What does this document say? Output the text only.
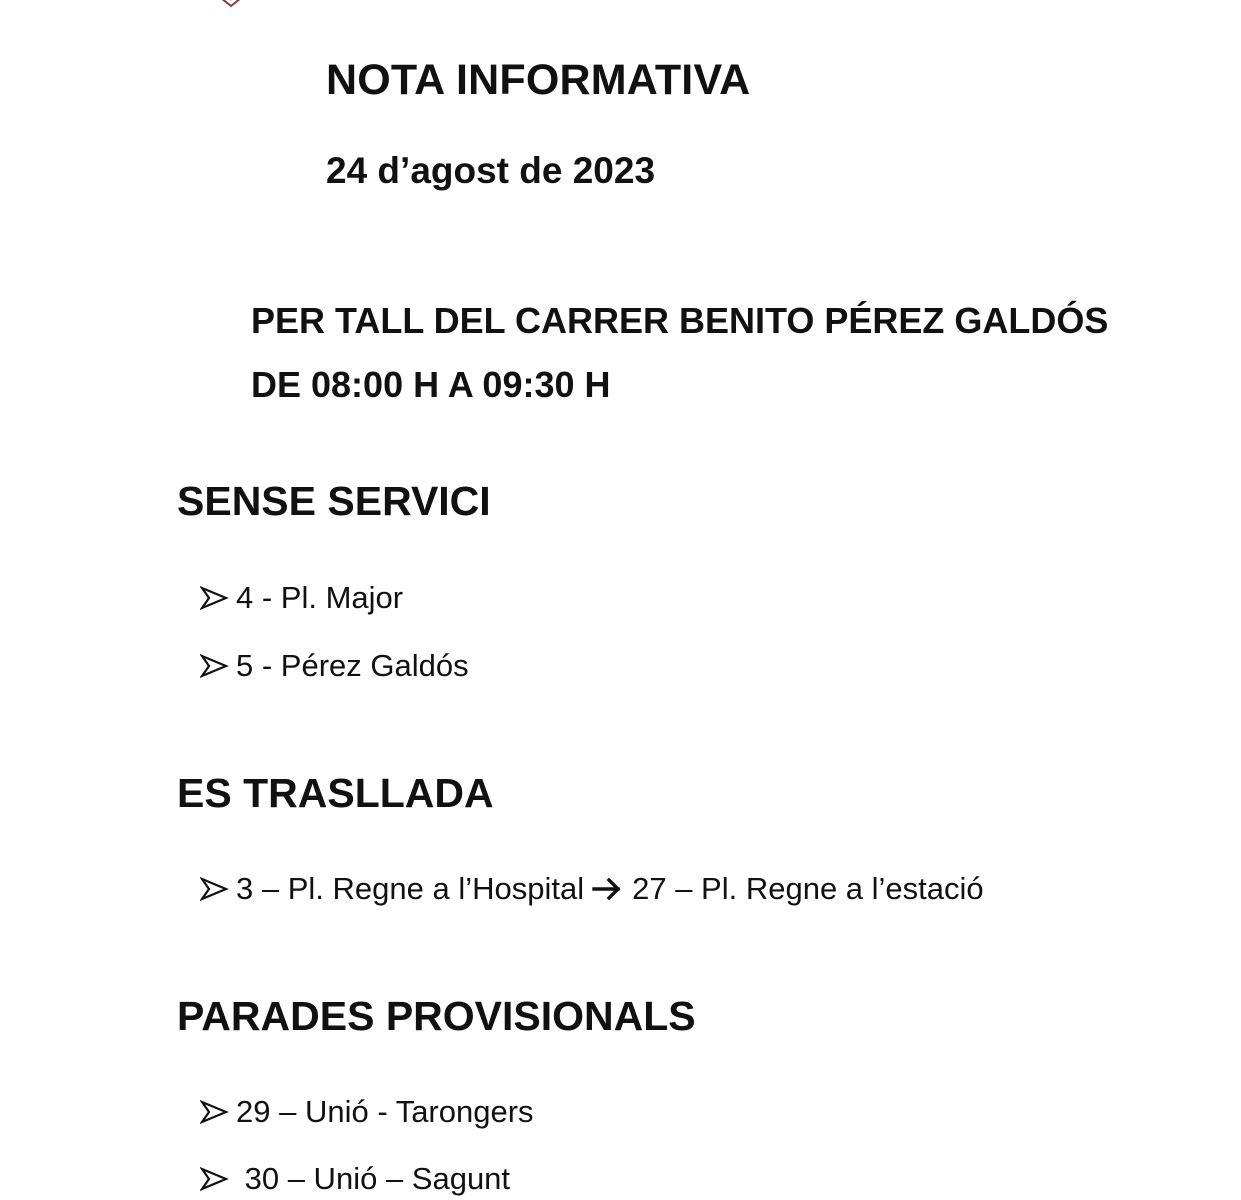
NOTA INFORMATIVA
24 d’agost de 2023
PER TALL DEL CARRER BENITO PÉREZ GALDÓS
DE 08:00 H A 09:30 H
SENSE SERVICI
4 - Pl. Major
5 - Pérez Galdós
ES TRASLLADA
3 – Pl. Regne a l’Hospital 27 – Pl. Regne a l’estació
PARADES PROVISIONALS
29 – Unió - Tarongers
30 – Unió – Sagunt
